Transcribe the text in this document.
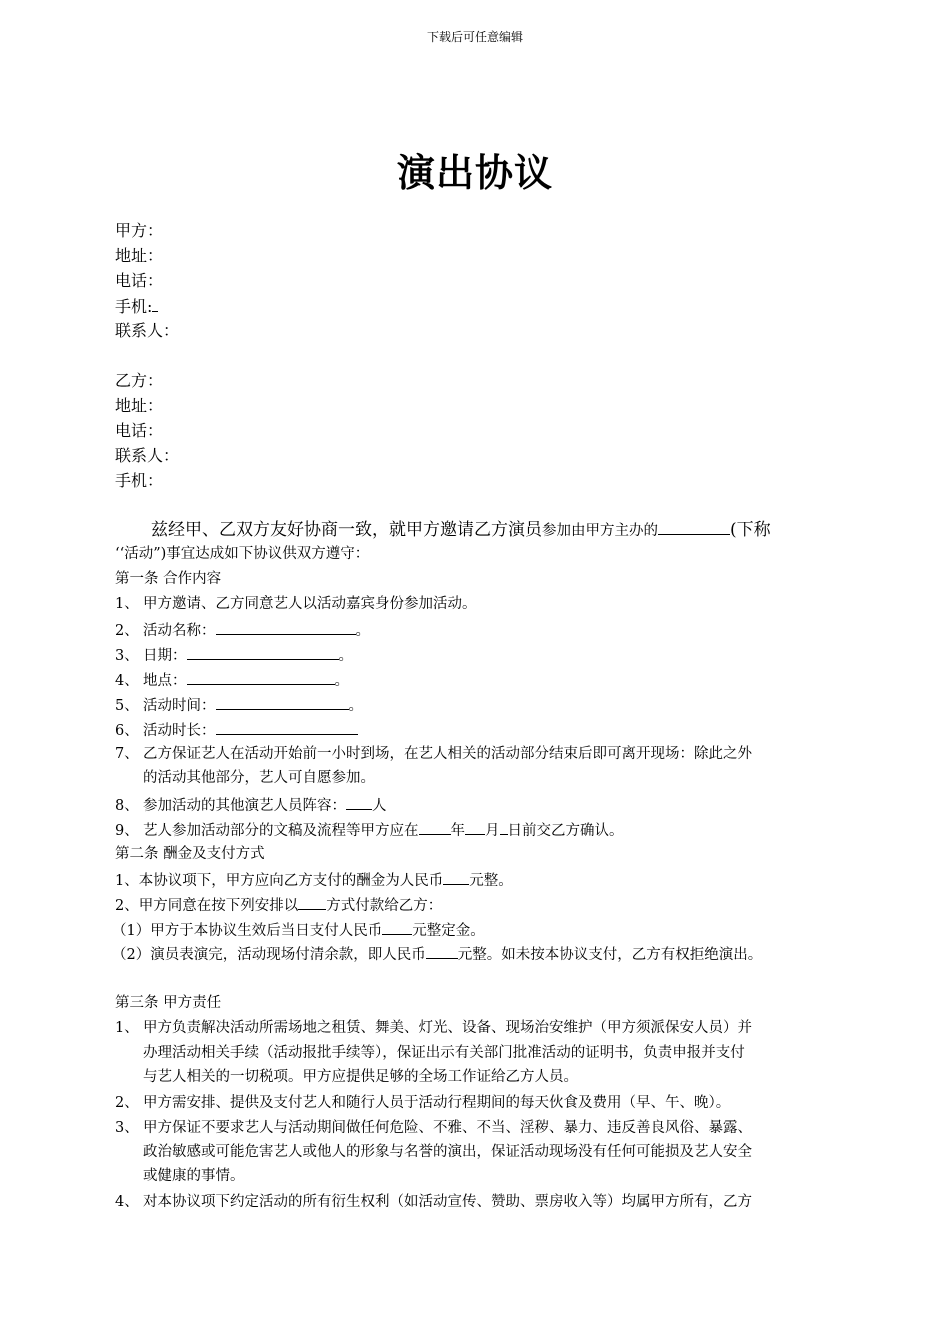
下载后可任意编辑
演出协议
甲方：
地址：
电话：
手机:
联系人：
乙方：
地址：
电话：
联系人：
手机：
兹经甲、乙双方友好协商一致，就甲方邀请乙方演员参加由甲方主办的	(下称
‘‘活动”)事宜达成如下协议供双方遵守：
第一条 合作内容
1、 甲方邀请、乙方同意艺人以活动嘉宾身份参加活动。
2、 活动名称：	。
3、 日期：	。
4、 地点：	。
5、 活动时间：	。
6、 活动时长：
7、 乙方保证艺人在活动开始前一小时到场，在艺人相关的活动部分结束后即可离开现场：除此之外
的活动其他部分，艺人可自愿参加。
8、 参加活动的其他演艺人员阵容： 人
9、 艺人参加活动部分的文稿及流程等甲方应在 年 月 日前交乙方确认。
第二条 酬金及支付方式
1、本协议项下，甲方应向乙方支付的酬金为人民币 元整。
2、甲方同意在按下列安排以 方式付款给乙方：
（1）甲方于本协议生效后当日支付人民币 元整定金。
（2）演员表演完，活动现场付清余款，即人民币 元整。如未按本协议支付，乙方有权拒绝演出。
第三条 甲方责任
1、 甲方负责解决活动所需场地之租赁、舞美、灯光、设备、现场治安维护（甲方须派保安人员）并
办理活动相关手续（活动报批手续等），保证出示有关部门批准活动的证明书，负责申报并支付
与艺人相关的一切税项。甲方应提供足够的全场工作证给乙方人员。
2、 甲方需安排、提供及支付艺人和随行人员于活动行程期间的每天伙食及费用（早、午、晚）。
3、 甲方保证不要求艺人与活动期间做任何危险、不雅、不当、淫秽、暴力、违反善良风俗、暴露、
政治敏感或可能危害艺人或他人的形象与名誉的演出，保证活动现场没有任何可能损及艺人安全
或健康的事情。
4、 对本协议项下约定活动的所有衍生权利（如活动宣传、赞助、票房收入等）均属甲方所有，乙方
